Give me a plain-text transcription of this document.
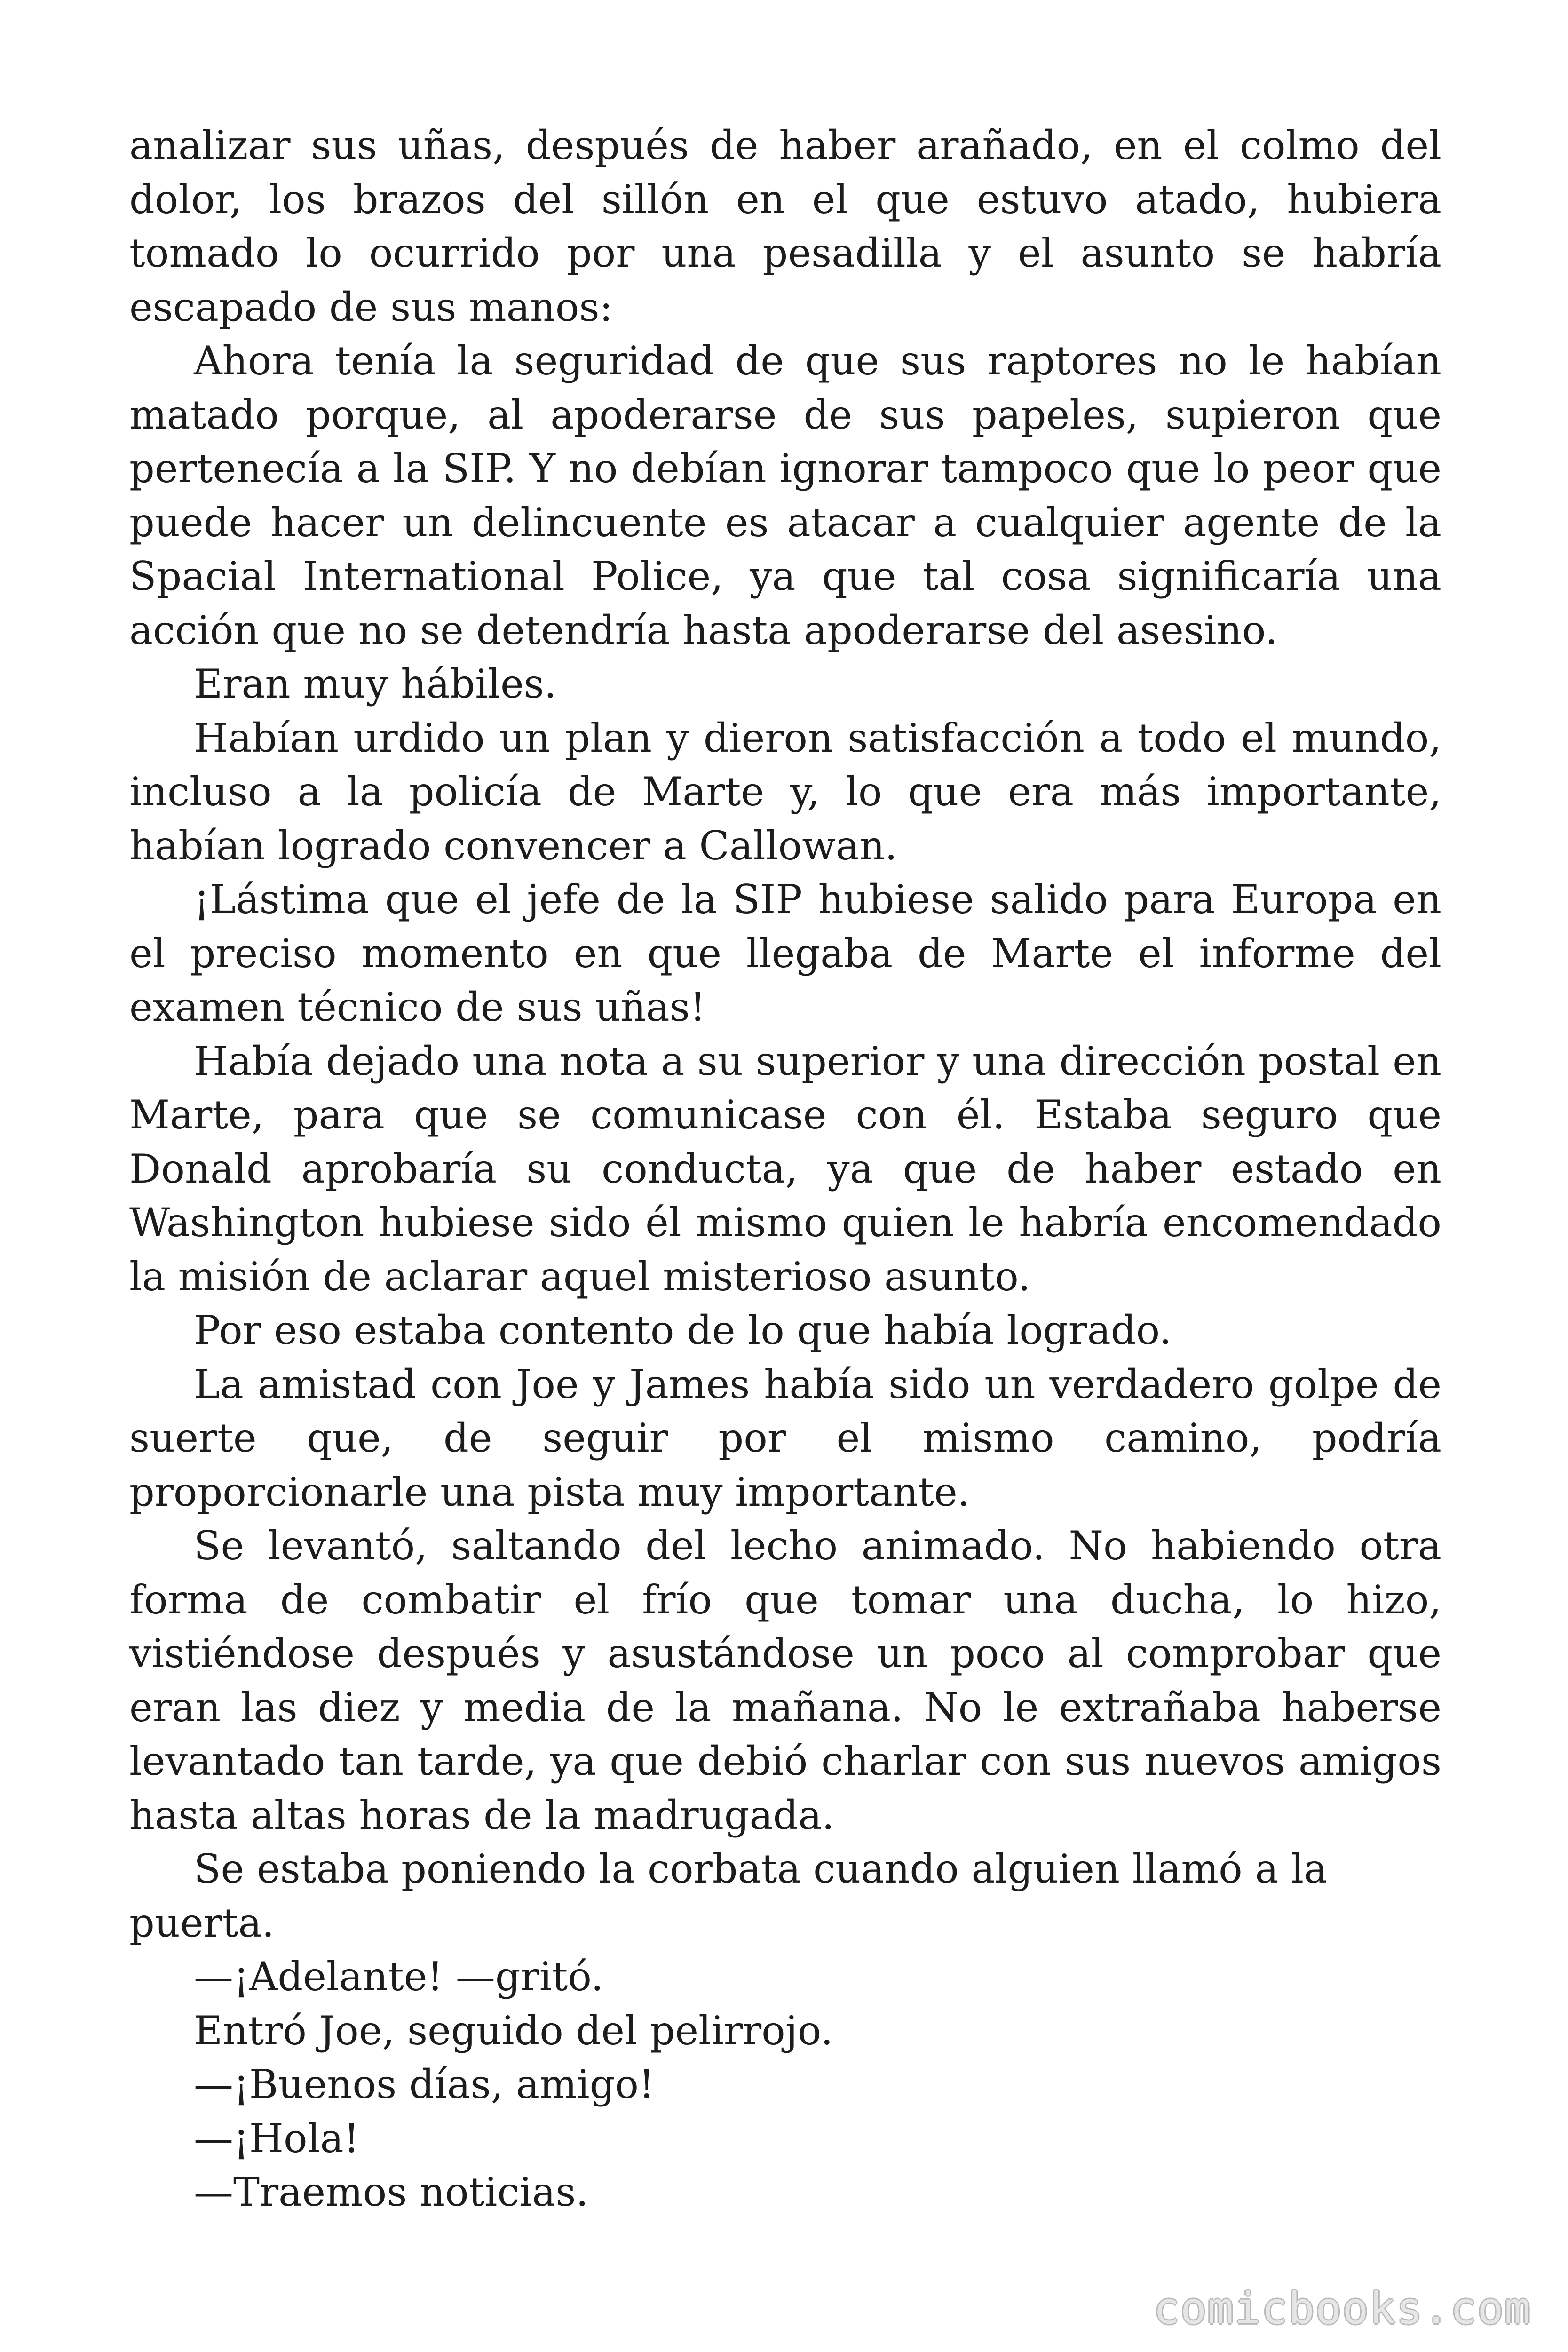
analizar sus uñas, después de haber arañado, en el colmo del dolor, los brazos del sillón en el que estuvo atado, hubiera tomado lo ocurrido por una pesadilla y el asunto se habría escapado de sus manos:

Ahora tenía la seguridad de que sus raptores no le habían matado porque, al apoderarse de sus papeles, supieron que pertenecía a la SIP. Y no debían ignorar tampoco que lo peor que puede hacer un delincuente es atacar a cualquier agente de la Spacial International Police, ya que tal cosa significaría una acción que no se detendría hasta apoderarse del asesino.

Eran muy hábiles.

Habían urdido un plan y dieron satisfacción a todo el mundo, incluso a la policía de Marte y, lo que era más importante, habían logrado convencer a Callowan.

¡Lástima que el jefe de la SIP hubiese salido para Europa en el preciso momento en que llegaba de Marte el informe del examen técnico de sus uñas!

Había dejado una nota a su superior y una dirección postal en Marte, para que se comunicase con él. Estaba seguro que Donald aprobaría su conducta, ya que de haber estado en Washington hubiese sido él mismo quien le habría encomendado la misión de aclarar aquel misterioso asunto.

Por eso estaba contento de lo que había logrado.

La amistad con Joe y James había sido un verdadero golpe de suerte que, de seguir por el mismo camino, podría proporcionarle una pista muy importante.

Se levantó, saltando del lecho animado. No habiendo otra forma de combatir el frío que tomar una ducha, lo hizo, vistiéndose después y asustándose un poco al comprobar que eran las diez y media de la mañana. No le extrañaba haberse levantado tan tarde, ya que debió charlar con sus nuevos amigos hasta altas horas de la madrugada.

Se estaba poniendo la corbata cuando alguien llamó a la puerta.

—¡Adelante! —gritó.

Entró Joe, seguido del pelirrojo.

—¡Buenos días, amigo!

—¡Hola!

—Traemos noticias.

comicbooks.com
